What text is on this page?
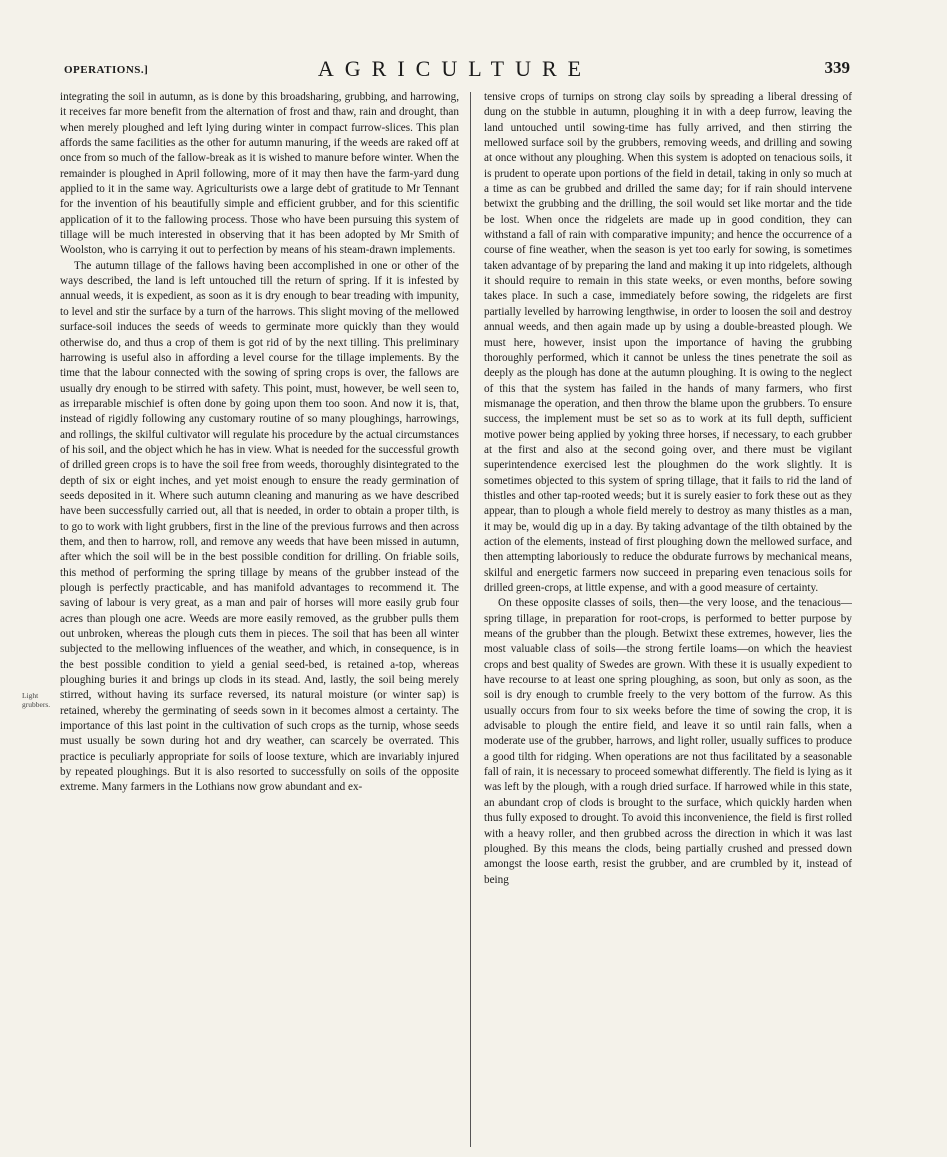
OPERATIONS.]	AGRICULTURE	339
Light grubbers.

integrating the soil in autumn, as is done by this broadsharing, grubbing, and harrowing, it receives far more benefit from the alternation of frost and thaw, rain and drought, than when merely ploughed and left lying during winter in compact furrow-slices. This plan affords the same facilities as the other for autumn manuring, if the weeds are raked off at once from so much of the fallow-break as it is wished to manure before winter. When the remainder is ploughed in April following, more of it may then have the farm-yard dung applied to it in the same way. Agriculturists owe a large debt of gratitude to Mr Tennant for the invention of his beautifully simple and efficient grubber, and for this scientific application of it to the fallowing process. Those who have been pursuing this system of tillage will be much interested in observing that it has been adopted by Mr Smith of Woolston, who is carrying it out to perfection by means of his steam-drawn implements.

The autumn tillage of the fallows having been accomplished in one or other of the ways described, the land is left untouched till the return of spring. If it is infested by annual weeds, it is expedient, as soon as it is dry enough to bear treading with impunity, to level and stir the surface by a turn of the harrows. This slight moving of the mellowed surface-soil induces the seeds of weeds to germinate more quickly than they would otherwise do, and thus a crop of them is got rid of by the next tilling. This preliminary harrowing is useful also in affording a level course for the tillage implements. By the time that the labour connected with the sowing of spring crops is over, the fallows are usually dry enough to be stirred with safety. This point, must, however, be well seen to, as irreparable mischief is often done by going upon them too soon. And now it is, that, instead of rigidly following any customary routine of so many ploughings, harrowings, and rollings, the skilful cultivator will regulate his procedure by the actual circumstances of his soil, and the object which he has in view. What is needed for the successful growth of drilled green crops is to have the soil free from weeds, thoroughly disintegrated to the depth of six or eight inches, and yet moist enough to ensure the ready germination of seeds deposited in it. Where such autumn cleaning and manuring as we have described have been successfully carried out, all that is needed, in order to obtain a proper tilth, is to go to work with light grubbers, first in the line of the previous furrows and then across them, and then to harrow, roll, and remove any weeds that have been missed in autumn, after which the soil will be in the best possible condition for drilling. On friable soils, this method of performing the spring tillage by means of the grubber instead of the plough is perfectly practicable, and has manifold advantages to recommend it. The saving of labour is very great, as a man and pair of horses will more easily grub four acres than plough one acre. Weeds are more easily removed, as the grubber pulls them out unbroken, whereas the plough cuts them in pieces. The soil that has been all winter subjected to the mellowing influences of the weather, and which, in consequence, is in the best possible condition to yield a genial seed-bed, is retained a-top, whereas ploughing buries it and brings up clods in its stead. And, lastly, the soil being merely stirred, without having its surface reversed, its natural moisture (or winter sap) is retained, whereby the germinating of seeds sown in it becomes almost a certainty. The importance of this last point in the cultivation of such crops as the turnip, whose seeds must usually be sown during hot and dry weather, can scarcely be overrated. This practice is peculiarly appropriate for soils of loose texture, which are invariably injured by repeated ploughings. But it is also resorted to successfully on soils of the opposite extreme. Many farmers in the Lothians now grow abundant and ex-

tensive crops of turnips on strong clay soils by spreading a liberal dressing of dung on the stubble in autumn, ploughing it in with a deep furrow, leaving the land untouched until sowing-time has fully arrived, and then stirring the mellowed surface soil by the grubbers, removing weeds, and drilling and sowing at once without any ploughing. When this system is adopted on tenacious soils, it is prudent to operate upon portions of the field in detail, taking in only so much at a time as can be grubbed and drilled the same day; for if rain should intervene betwixt the grubbing and the drilling, the soil would set like mortar and the tide be lost. When once the ridgelets are made up in good condition, they can withstand a fall of rain with comparative impunity; and hence the occurrence of a course of fine weather, when the season is yet too early for sowing, is sometimes taken advantage of by preparing the land and making it up into ridgelets, although it should require to remain in this state weeks, or even months, before sowing takes place. In such a case, immediately before sowing, the ridgelets are first partially levelled by harrowing lengthwise, in order to loosen the soil and destroy annual weeds, and then again made up by using a double-breasted plough. We must here, however, insist upon the importance of having the grubbing thoroughly performed, which it cannot be unless the tines penetrate the soil as deeply as the plough has done at the autumn ploughing. It is owing to the neglect of this that the system has failed in the hands of many farmers, who first mismanage the operation, and then throw the blame upon the grubbers. To ensure success, the implement must be set so as to work at its full depth, sufficient motive power being applied by yoking three horses, if necessary, to each grubber at the first and also at the second going over, and there must be vigilant superintendence exercised lest the ploughmen do the work slightly. It is sometimes objected to this system of spring tillage, that it fails to rid the land of thistles and other tap-rooted weeds; but it is surely easier to fork these out as they appear, than to plough a whole field merely to destroy as many thistles as a man, it may be, would dig up in a day. By taking advantage of the tilth obtained by the action of the elements, instead of first ploughing down the mellowed surface, and then attempting laboriously to reduce the obdurate furrows by mechanical means, skilful and energetic farmers now succeed in preparing even tenacious soils for drilled green-crops, at little expense, and with a good measure of certainty.

On these opposite classes of soils, then—the very loose, and the tenacious—spring tillage, in preparation for root-crops, is performed to better purpose by means of the grubber than the plough. Betwixt these extremes, however, lies the most valuable class of soils—the strong fertile loams—on which the heaviest crops and best quality of Swedes are grown. With these it is usually expedient to have recourse to at least one spring ploughing, as soon, but only as soon, as the soil is dry enough to crumble freely to the very bottom of the furrow. As this usually occurs from four to six weeks before the time of sowing the crop, it is advisable to plough the entire field, and leave it so until rain falls, when a moderate use of the grubber, harrows, and light roller, usually suffices to produce a good tilth for ridging. When operations are not thus facilitated by a seasonable fall of rain, it is necessary to proceed somewhat differently. The field is lying as it was left by the plough, with a rough dried surface. If harrowed while in this state, an abundant crop of clods is brought to the surface, which quickly harden when thus fully exposed to drought. To avoid this inconvenience, the field is first rolled with a heavy roller, and then grubbed across the direction in which it was last ploughed. By this means the clods, being partially crushed and pressed down amongst the loose earth, resist the grubber, and are crumbled by it, instead of being
